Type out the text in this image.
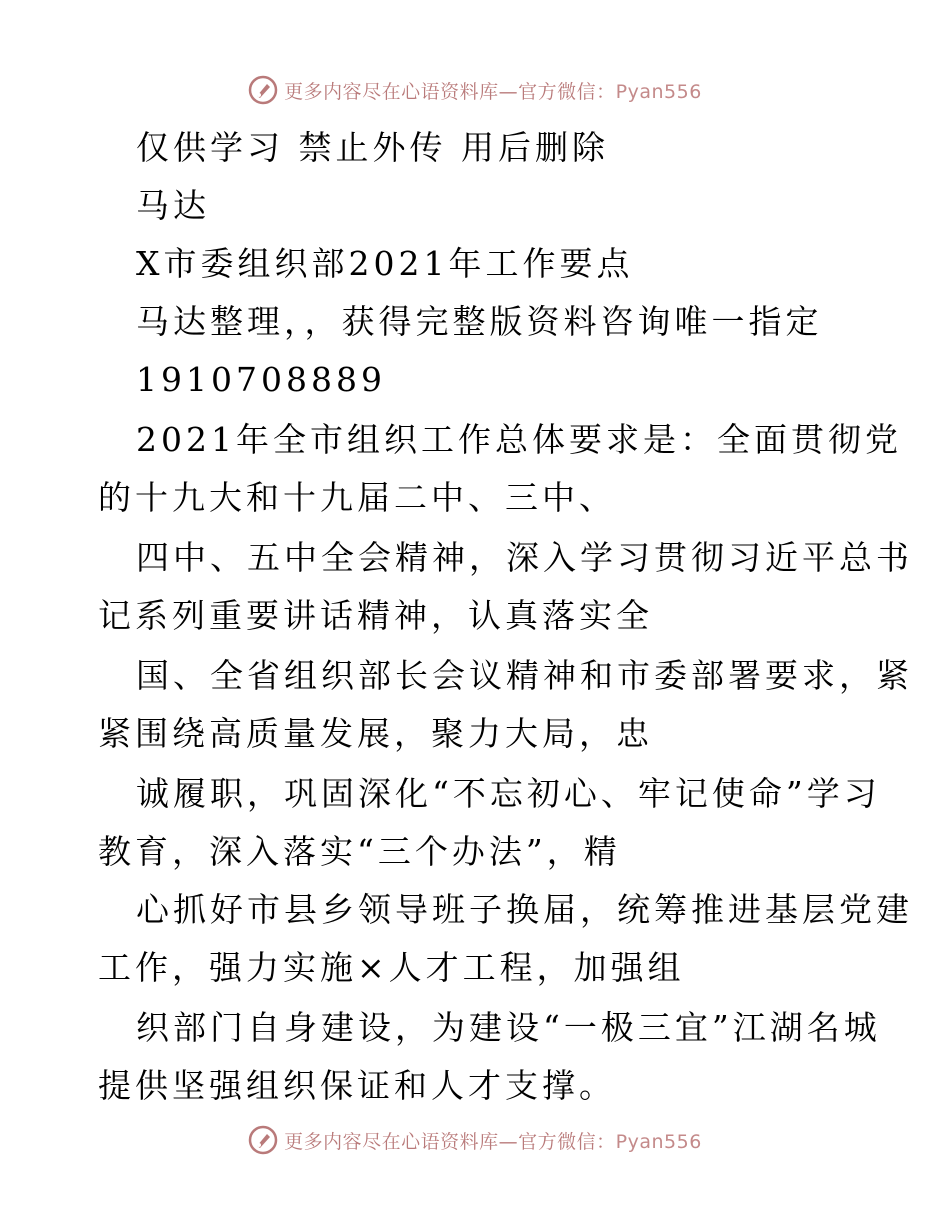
更多内容尽在心语资料库—官方微信：Pyan556
仅供学习 禁止外传 用后删除
马达
X市委组织部2021年工作要点
马达整理，，获得完整版资料咨询唯一指定
1910708889
2021年全市组织工作总体要求是：全面贯彻党
的十九大和十九届二中、三中、
四中、五中全会精神，深入学习贯彻习近平总书
记系列重要讲话精神，认真落实全
国、全省组织部长会议精神和市委部署要求，紧
紧围绕高质量发展，聚力大局，忠
诚履职，巩固深化“不忘初心、牢记使命”学习
教育，深入落实“三个办法”，精
心抓好市县乡领导班子换届，统筹推进基层党建
工作，强力实施×人才工程，加强组
织部门自身建设，为建设“一极三宜”江湖名城
提供坚强组织保证和人才支撑。
更多内容尽在心语资料库—官方微信：Pyan556
